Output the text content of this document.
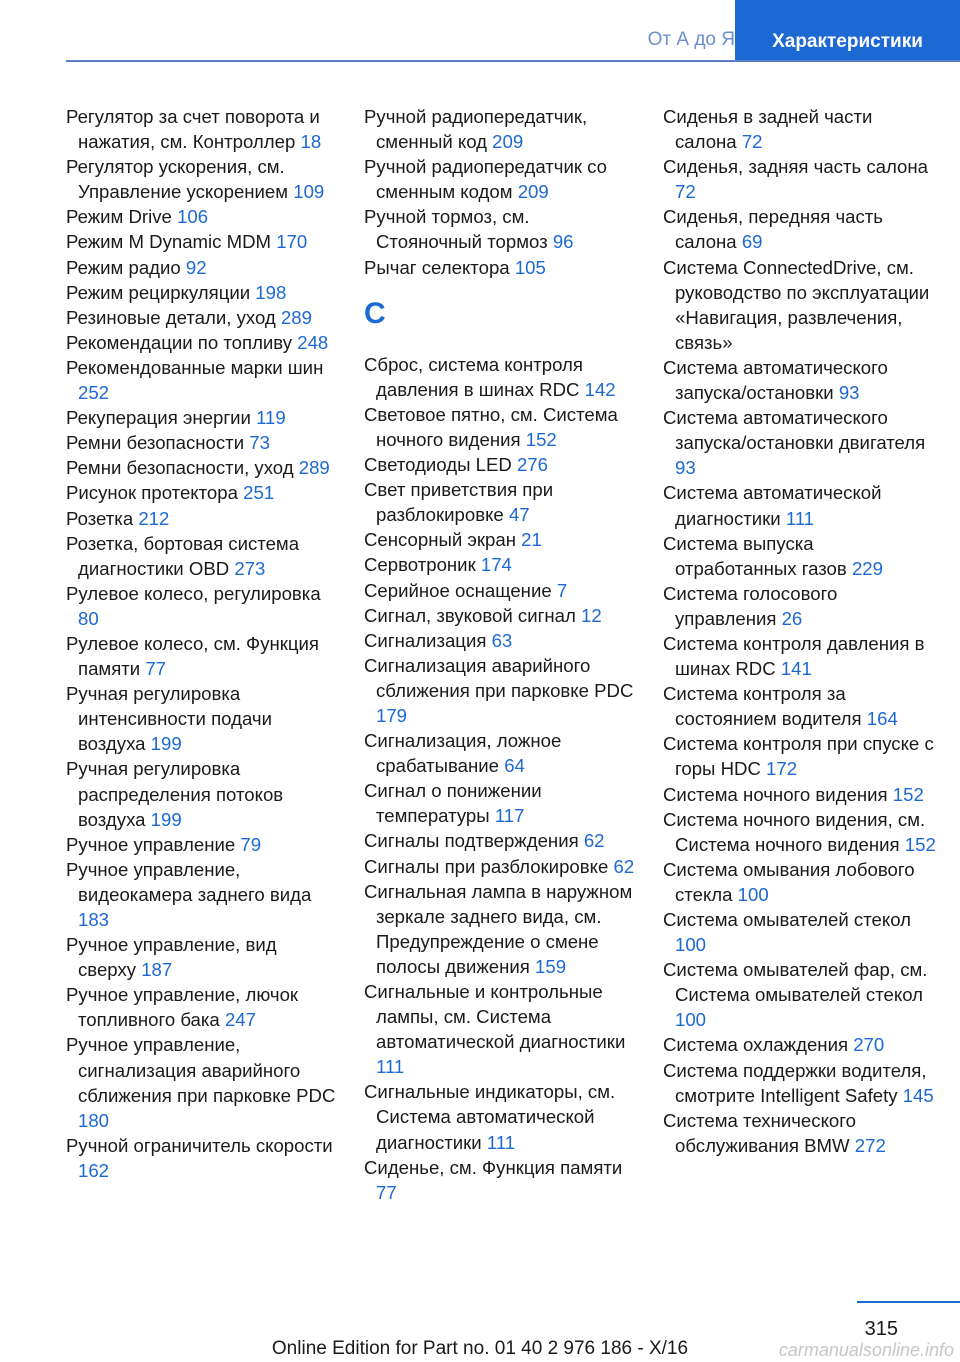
От А до Я	Характеристики

Регулятор за счет поворота и нажатия, см. Контроллер 18

Регулятор ускорения, см. Управление ускорением 109

Режим Drive 106

Режим M Dynamic MDM 170

Режим радио 92

Режим рециркуляции 198

Резиновые детали, уход 289

Рекомендации по топливу 248

Рекомендованные марки шин 252

Рекуперация энергии 119

Ремни безопасности 73

Ремни безопасности, уход 289

Рисунок протектора 251

Розетка 212

Розетка, бортовая система диагностики OBD 273

Рулевое колесо, регулировка 80

Рулевое колесо, см. Функция памяти 77

Ручная регулировка интенсивности подачи воздуха 199

Ручная регулировка распределения потоков воздуха 199

Ручное управление 79

Ручное управление, видеокамера заднего вида 183

Ручное управление, вид сверху 187

Ручное управление, лючок топливного бака 247

Ручное управление, сигнализация аварийного сближения при парковке PDC 180

Ручной ограничитель скорости 162

Ручной радиопередатчик, сменный код 209

Ручной радиопередатчик со сменным кодом 209

Ручной тормоз, см. Стояночный тормоз 96

Рычаг селектора 105

С

Сброс, система контроля давления в шинах RDC 142

Световое пятно, см. Система ночного видения 152

Светодиоды LED 276

Свет приветствия при разблокировке 47

Сенсорный экран 21

Сервотроник 174

Серийное оснащение 7

Сигнал, звуковой сигнал 12

Сигнализация 63

Сигнализация аварийного сближения при парковке PDC 179

Сигнализация, ложное срабатывание 64

Сигнал о понижении температуры 117

Сигналы подтверждения 62

Сигналы при разблокировке 62

Сигнальная лампа в наружном зеркале заднего вида, см. Предупреждение о смене полосы движения 159

Сигнальные и контрольные лампы, см. Система автоматической диагностики 111

Сигнальные индикаторы, см. Система автоматической диагностики 111

Сиденье, см. Функция памяти 77

Сиденья в задней части салона 72

Сиденья, задняя часть салона 72

Сиденья, передняя часть салона 69

Система ConnectedDrive, см. руководство по эксплуатации «Навигация, развлечения, связь»

Система автоматического запуска/остановки 93

Система автоматического запуска/остановки двигателя 93

Система автоматической диагностики 111

Система выпуска отработанных газов 229

Система голосового управления 26

Система контроля давления в шинах RDC 141

Система контроля за состоянием водителя 164

Система контроля при спуске с горы HDC 172

Система ночного видения 152

Система ночного видения, см. Система ночного видения 152

Система омывания лобового стекла 100

Система омывателей стекол 100

Система омывателей фар, см. Система омывателей стекол 100

Система охлаждения 270

Система поддержки водителя, смотрите Intelligent Safety 145

Система технического обслуживания BMW 272

315
Online Edition for Part no. 01 40 2 976 186 - X/16	carmanualsonline.info
